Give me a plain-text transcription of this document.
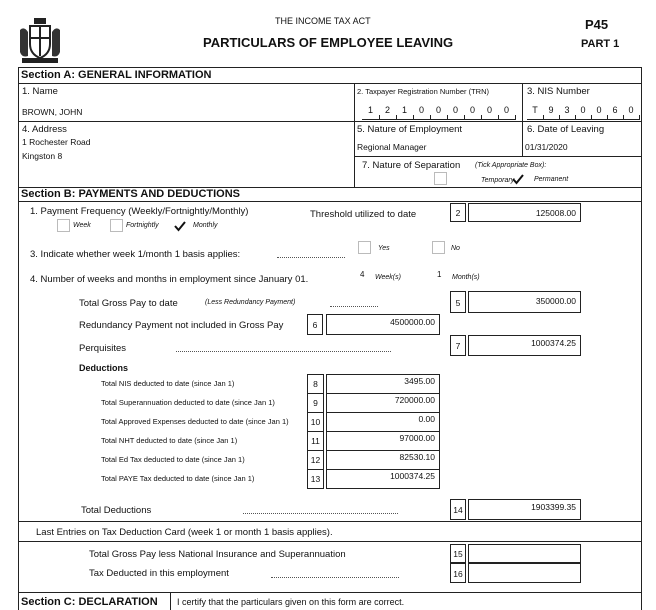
THE INCOME TAX ACT
PARTICULARS OF EMPLOYEE LEAVING
P45
PART 1
Section A: GENERAL INFORMATION
1. Name
BROWN, JOHN
2. Taxpayer Registration Number (TRN)
1	2	1	0	0	0	0	0	0
3. NIS Number
T	9	3	0	0	6	0
4. Address
1 Rochester Road
Kingston 8
5. Nature of Employment
Regional Manager
6. Date of Leaving
01/31/2020
7. Nature of Separation (Tick Appropriate Box):
Temporary	Permanent
Section B: PAYMENTS AND DEDUCTIONS
1. Payment Frequency (Weekly/Fortnightly/Monthly)
Week	Fortnightly	Monthly
Threshold utilized to date	2	125008.00
3. Indicate whether week 1/month 1 basis applies:
Yes	No
4. Number of weeks and months in employment since January 01.	4 Week(s)	1 Month(s)
Total Gross Pay to date	(Less Redundancy Payment)	5	350000.00
Redundancy Payment not included in Gross Pay	6	4500000.00
Perquisites	7	1000374.25
Deductions
Total NIS deducted to date (since Jan 1)	8	3495.00
Total Superannuation deducted to date (since Jan 1)	9	720000.00
Total Approved Expenses deducted to date (since Jan 1)	10	0.00
Total NHT deducted to date (since Jan 1)	11	97000.00
Total Ed Tax deducted to date (since Jan 1)	12	82530.10
Total PAYE Tax deducted to date (since Jan 1)	13	1000374.25
Total Deductions	14	1903399.35
Last Entries on Tax Deduction Card (week 1 or month 1 basis applies).
Total Gross Pay less National Insurance and Superannuation	15
Tax Deducted in this employment	16
Section C: DECLARATION I certify that the particulars given on this form are correct.
